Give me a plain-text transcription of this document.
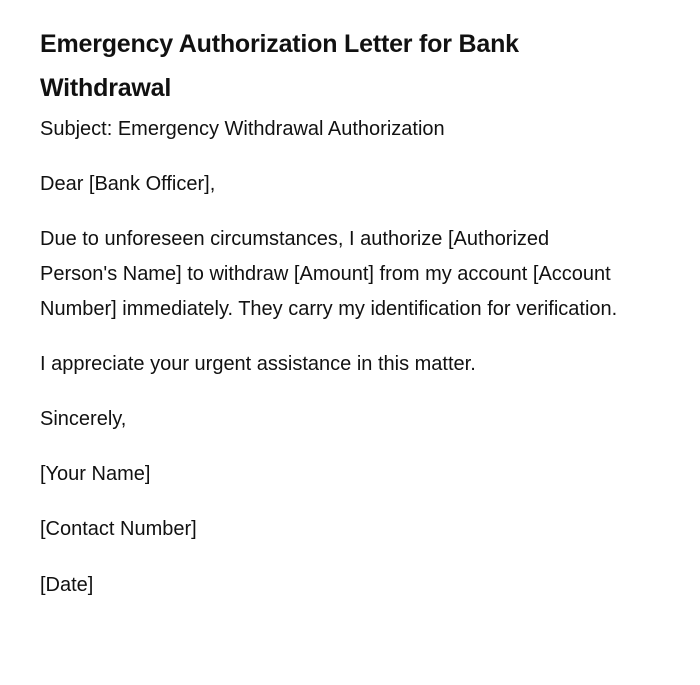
Emergency Authorization Letter for Bank Withdrawal

Subject: Emergency Withdrawal Authorization

Dear [Bank Officer],

Due to unforeseen circumstances, I authorize [Authorized Person's Name] to withdraw [Amount] from my account [Account Number] immediately. They carry my identification for verification.

I appreciate your urgent assistance in this matter.

Sincerely,

[Your Name]

[Contact Number]

[Date]
